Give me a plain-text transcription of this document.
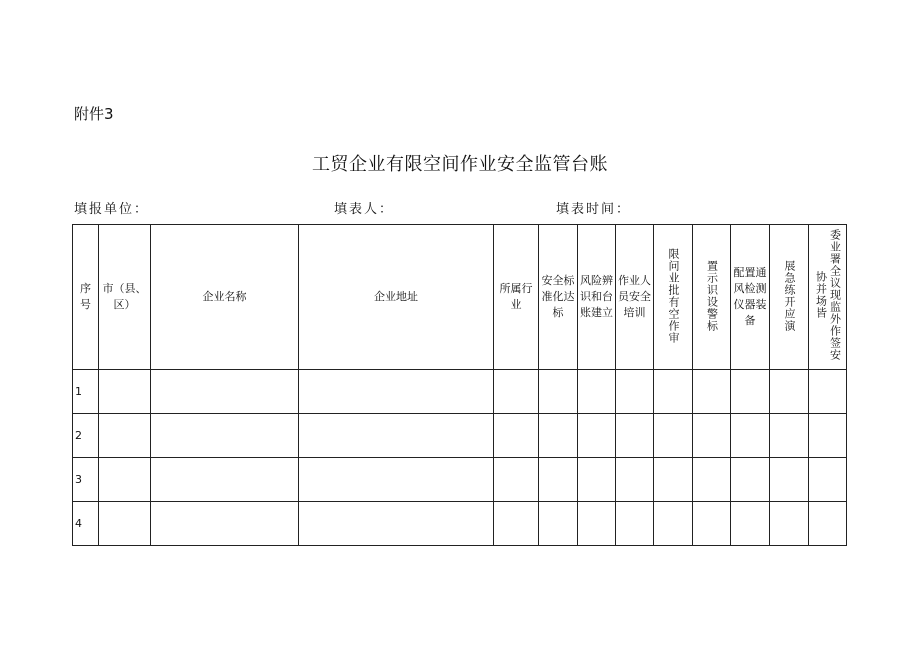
附件3
工贸企业有限空间作业安全监管台账
填报单位：	填表人：	填表时间：
序号	市（县、区）	企业名称	企业地址	所属行业	安全标准化达标	风险辨识和台账建立	作业人员安全培训	限问业批有空作审	置示识设警标	配置通风检测仪器装备	展急练开应演	委业署全议现监外作签安协并场皆
1												
2												
3												
4												
